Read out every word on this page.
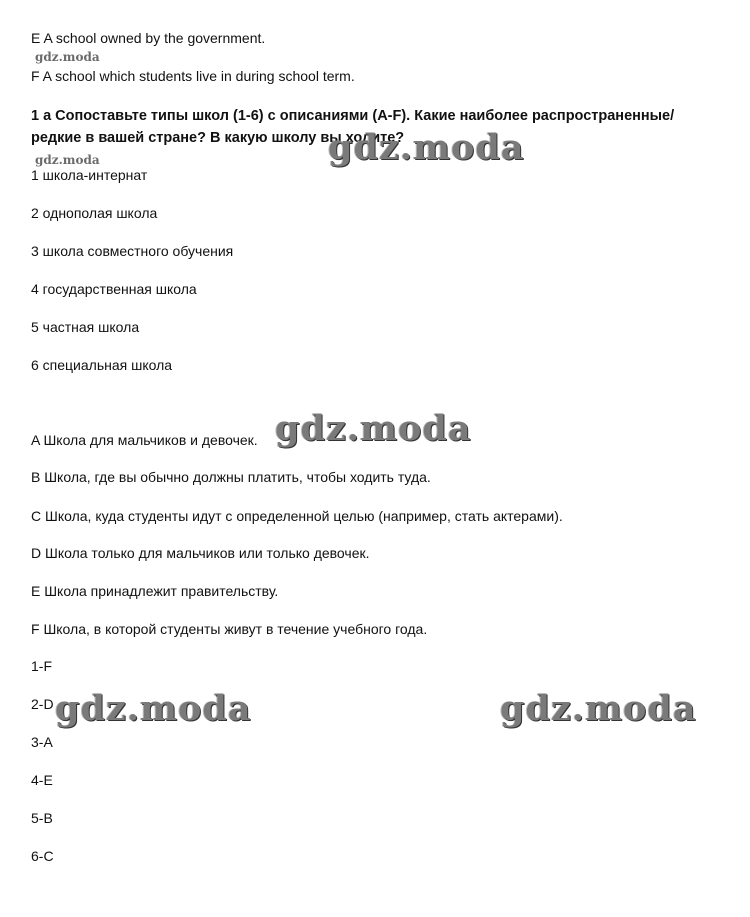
E A school owned by the government.
F A school which students live in during school term.
1 a Сопоставьте типы школ (1-6) с описаниями (A-F). Какие наиболее распространенные/редкие в вашей стране? В какую школу вы ходите?
1 школа-интернат
2 однополая школа
3 школа совместного обучения
4 государственная школа
5 частная школа
6 специальная школа
A Школа для мальчиков и девочек.
B Школа, где вы обычно должны платить, чтобы ходить туда.
C Школа, куда студенты идут с определенной целью (например, стать актерами).
D Школа только для мальчиков или только девочек.
E Школа принадлежит правительству.
F Школа, в которой студенты живут в течение учебного года.
1-F
2-D
3-A
4-E
5-B
6-C
gdz.moda
gdz.moda	gdz.moda
gdz.moda
gdz.moda	gdz.moda
